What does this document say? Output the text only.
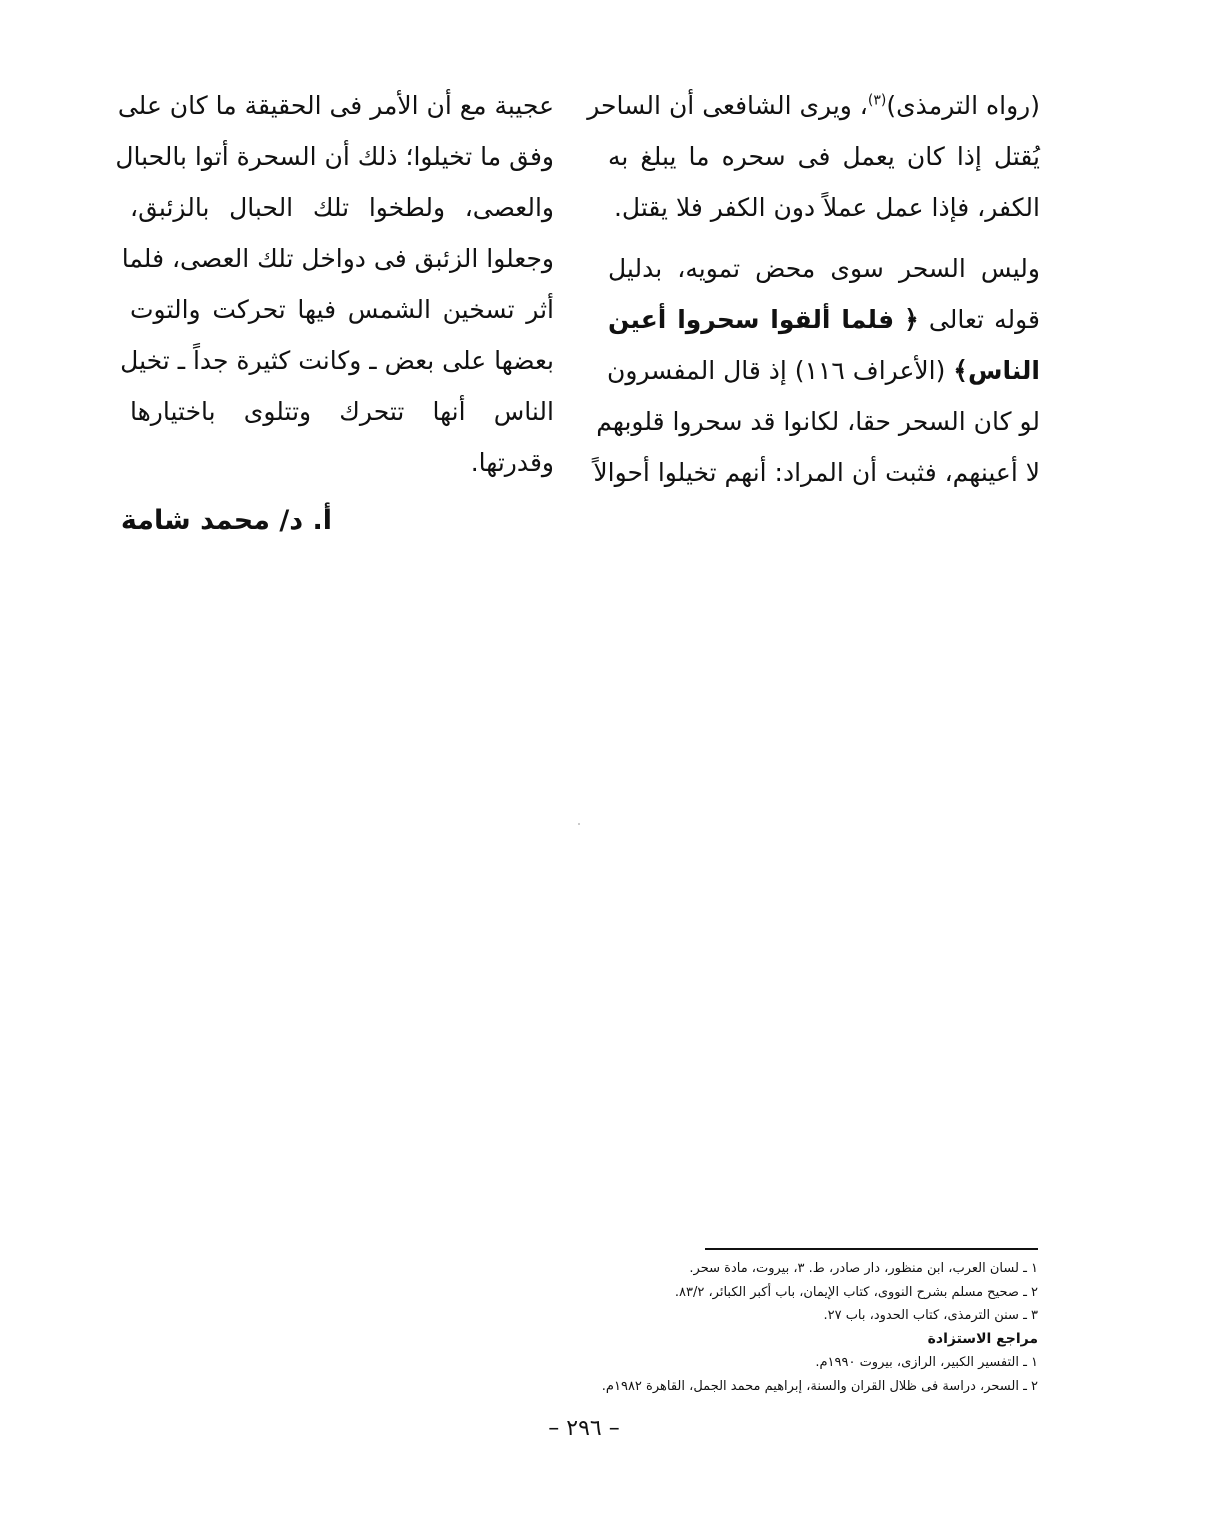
(رواه الترمذى)$^{(٣)}$، ويرى الشافعى أن الساحر
يُقتل إذا كان يعمل فى سحره ما يبلغ به
الكفر، فإذا عمل عملاً دون الكفر فلا يقتل.
وليس السحر سوى محض تمويه، بدليل
قوله تعالى ﴿ فلما ألقوا سحروا أعين
الناس﴾ (الأعراف ١١٦) إذ قال المفسرون
لو كان السحر حقا، لكانوا قد سحروا قلوبهم
لا أعينهم، فثبت أن المراد: أنهم تخيلوا أحوالاً
عجيبة مع أن الأمر فى الحقيقة ما كان على
وفق ما تخيلوا؛ ذلك أن السحرة أتوا بالحبال
والعصى، ولطخوا تلك الحبال بالزئبق،
وجعلوا الزئبق فى دواخل تلك العصى، فلما
أثر تسخين الشمس فيها تحركت والتوت
بعضها على بعض ـ وكانت كثيرة جداً ـ تخيل
الناس أنها تتحرك وتتلوى باختيارها
وقدرتها.
أ. د/ محمد شامة
١ ـ لسان العرب، ابن منظور، دار صادر، ط. ٣، بيروت، مادة سحر.
٢ ـ صحيح مسلم بشرح النووى، كتاب الإيمان، باب أكبر الكبائر، ٨٣/٢.
٣ ـ سنن الترمذى، كتاب الحدود، باب ٢٧.
مراجع الاستزادة
١ ـ التفسير الكبير، الرازى، بيروت ١٩٩٠م.
٢ ـ السحر، دراسة فى ظلال القران والسنة، إبراهيم محمد الجمل، القاهرة ١٩٨٢م.
– ٢٩٦ –
